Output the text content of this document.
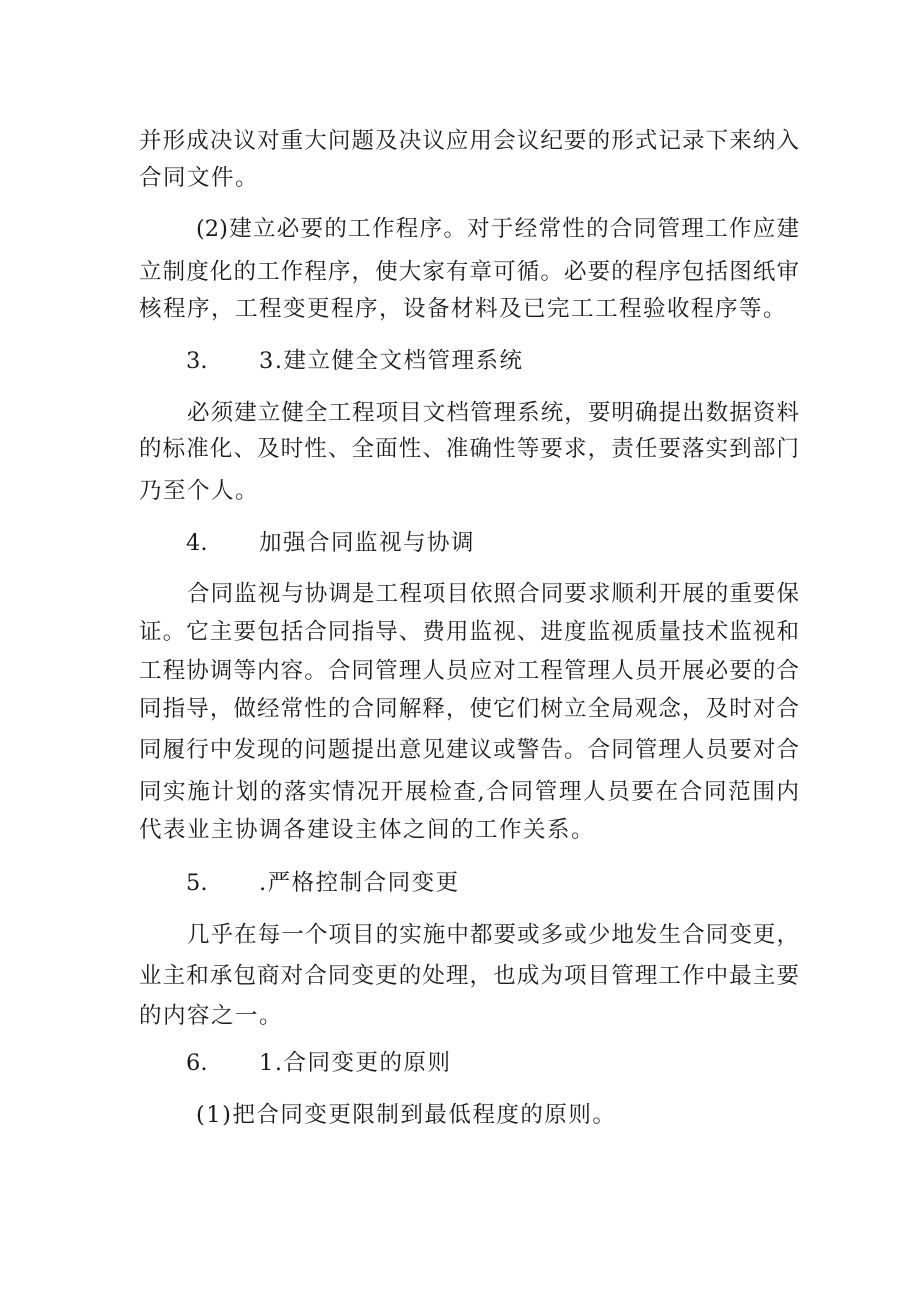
并形成决议对重大问题及决议应用会议纪要的形式记录下来纳入
合同文件。
(2)建立必要的工作程序。对于经常性的合同管理工作应建
立制度化的工作程序，使大家有章可循。必要的程序包括图纸审
核程序，工程变更程序，设备材料及已完工工程验收程序等。
3. 3.建立健全文档管理系统
必须建立健全工程项目文档管理系统，要明确提出数据资料
的标准化、及时性、全面性、准确性等要求，责任要落实到部门
乃至个人。
4. 加强合同监视与协调
合同监视与协调是工程项目依照合同要求顺利开展的重要保
证。它主要包括合同指导、费用监视、进度监视质量技术监视和
工程协调等内容。合同管理人员应对工程管理人员开展必要的合
同指导，做经常性的合同解释，使它们树立全局观念，及时对合
同履行中发现的问题提出意见建议或警告。合同管理人员要对合
同实施计划的落实情况开展检查,合同管理人员要在合同范围内
代表业主协调各建设主体之间的工作关系。
5. .严格控制合同变更
几乎在每一个项目的实施中都要或多或少地发生合同变更，
业主和承包商对合同变更的处理，也成为项目管理工作中最主要
的内容之一。
6. 1.合同变更的原则
(1)把合同变更限制到最低程度的原则。
